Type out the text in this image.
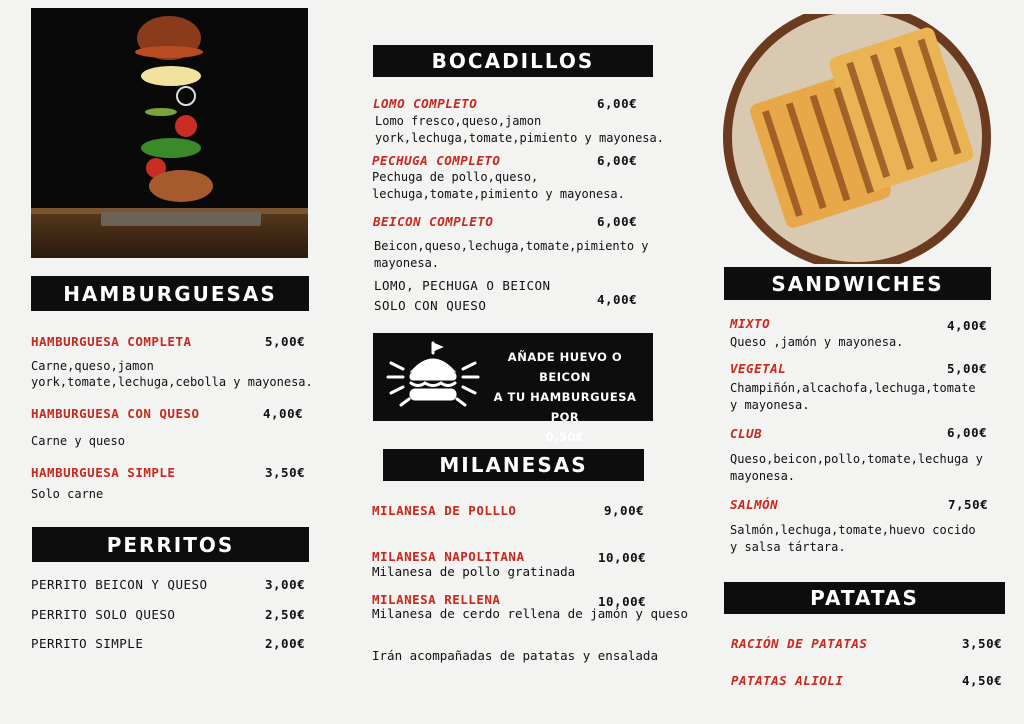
HAMBURGUESAS
HAMBURGUESA COMPLETA	5,00€
Carne,queso,jamon
york,tomate,lechuga,cebolla y mayonesa.
HAMBURGUESA CON QUESO	4,00€
Carne y queso
HAMBURGUESA SIMPLE	3,50€
Solo carne
PERRITOS
PERRITO BEICON Y QUESO	3,00€
PERRITO SOLO QUESO	2,50€
PERRITO SIMPLE	2,00€
BOCADILLOS
LOMO COMPLETO	6,00€
Lomo fresco,queso,jamon
york,lechuga,tomate,pimiento y mayonesa.
PECHUGA COMPLETO	6,00€
Pechuga de pollo,queso,
lechuga,tomate,pimiento y mayonesa.
BEICON COMPLETO	6,00€
Beicon,queso,lechuga,tomate,pimiento y
mayonesa.
LOMO, PECHUGA O BEICON
SOLO CON QUESO	4,00€
AÑADE HUEVO O BEICON
A TU HAMBURGUESA POR
0,50€
MILANESAS
MILANESA DE POLLLO	9,00€
MILANESA NAPOLITANA	10,00€
Milanesa de pollo gratinada
MILANESA RELLENA	10,00€
Milanesa de cerdo rellena de jamón y queso
Irán acompañadas de patatas y ensalada
SANDWICHES
MIXTO	4,00€
Queso ,jamón y mayonesa.
VEGETAL	5,00€
Champiñón,alcachofa,lechuga,tomate
y mayonesa.
CLUB	6,00€
Queso,beicon,pollo,tomate,lechuga y
mayonesa.
SALMÓN	7,50€
Salmón,lechuga,tomate,huevo cocido
y salsa tártara.
PATATAS
RACIÓN DE PATATAS	3,50€
PATATAS ALIOLI	4,50€
